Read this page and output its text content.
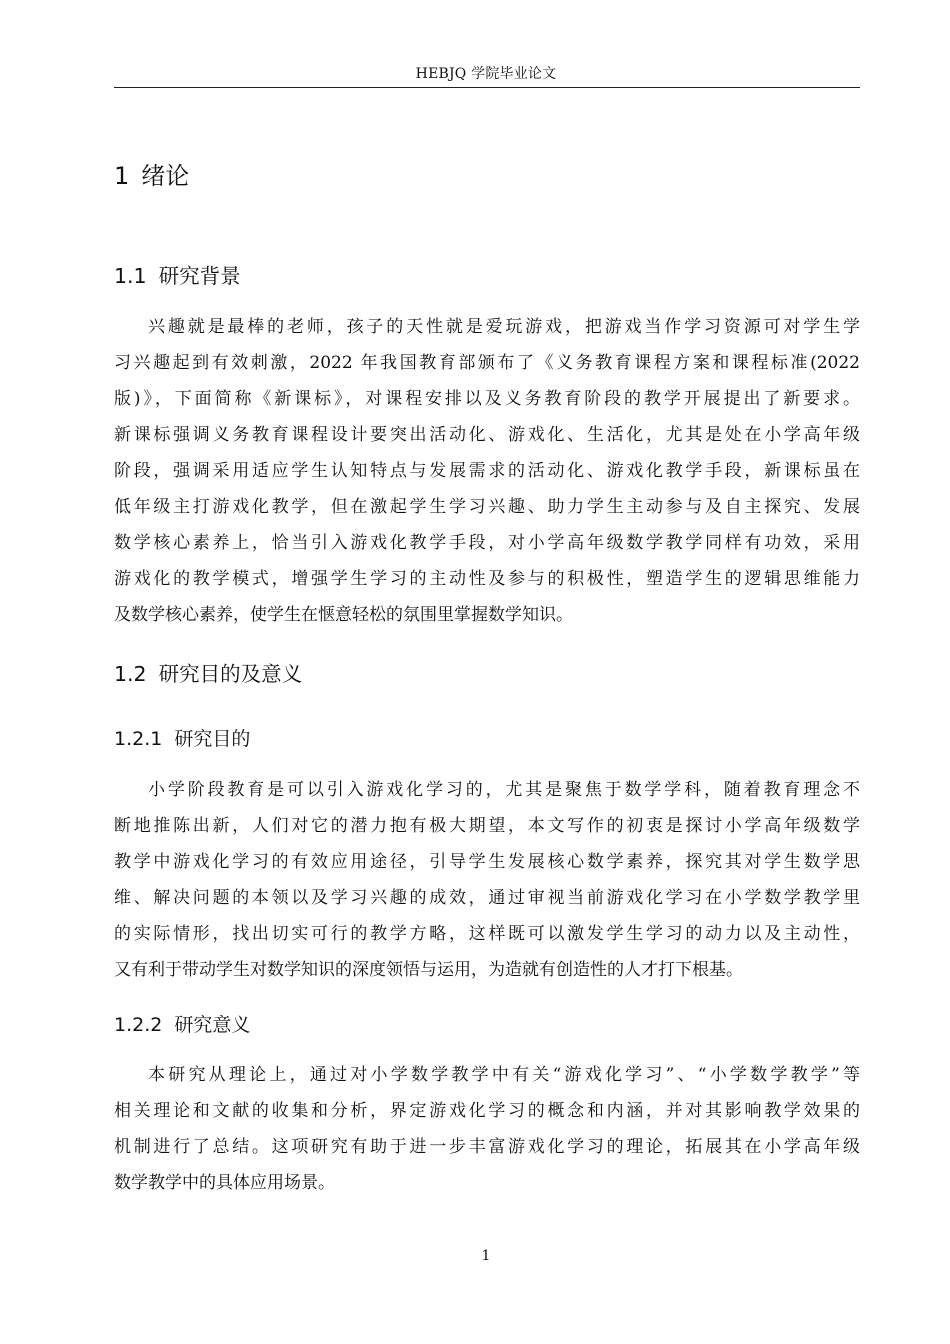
HEBJQ 学院毕业论文
1 绪论
1.1 研究背景
兴趣就是最棒的老师，孩子的天性就是爱玩游戏，把游戏当作学习资源可对学生学
习兴趣起到有效刺激，2022 年我国教育部颁布了《义务教育课程方案和课程标准(2022
版)》，下面简称《新课标》，对课程安排以及义务教育阶段的教学开展提出了新要求。
新课标强调义务教育课程设计要突出活动化、游戏化、生活化，尤其是处在小学高年级
阶段，强调采用适应学生认知特点与发展需求的活动化、游戏化教学手段，新课标虽在
低年级主打游戏化教学，但在激起学生学习兴趣、助力学生主动参与及自主探究、发展
数学核心素养上，恰当引入游戏化教学手段，对小学高年级数学教学同样有功效，采用
游戏化的教学模式，增强学生学习的主动性及参与的积极性，塑造学生的逻辑思维能力
及数学核心素养，使学生在惬意轻松的氛围里掌握数学知识。
1.2 研究目的及意义
1.2.1 研究目的
小学阶段教育是可以引入游戏化学习的，尤其是聚焦于数学学科，随着教育理念不
断地推陈出新，人们对它的潜力抱有极大期望，本文写作的初衷是探讨小学高年级数学
教学中游戏化学习的有效应用途径，引导学生发展核心数学素养，探究其对学生数学思
维、解决问题的本领以及学习兴趣的成效，通过审视当前游戏化学习在小学数学教学里
的实际情形，找出切实可行的教学方略，这样既可以激发学生学习的动力以及主动性，
又有利于带动学生对数学知识的深度领悟与运用，为造就有创造性的人才打下根基。
1.2.2 研究意义
本研究从理论上，通过对小学数学教学中有关“游戏化学习”、“小学数学教学”等
相关理论和文献的收集和分析，界定游戏化学习的概念和内涵，并对其影响教学效果的
机制进行了总结。这项研究有助于进一步丰富游戏化学习的理论，拓展其在小学高年级
数学教学中的具体应用场景。
1
